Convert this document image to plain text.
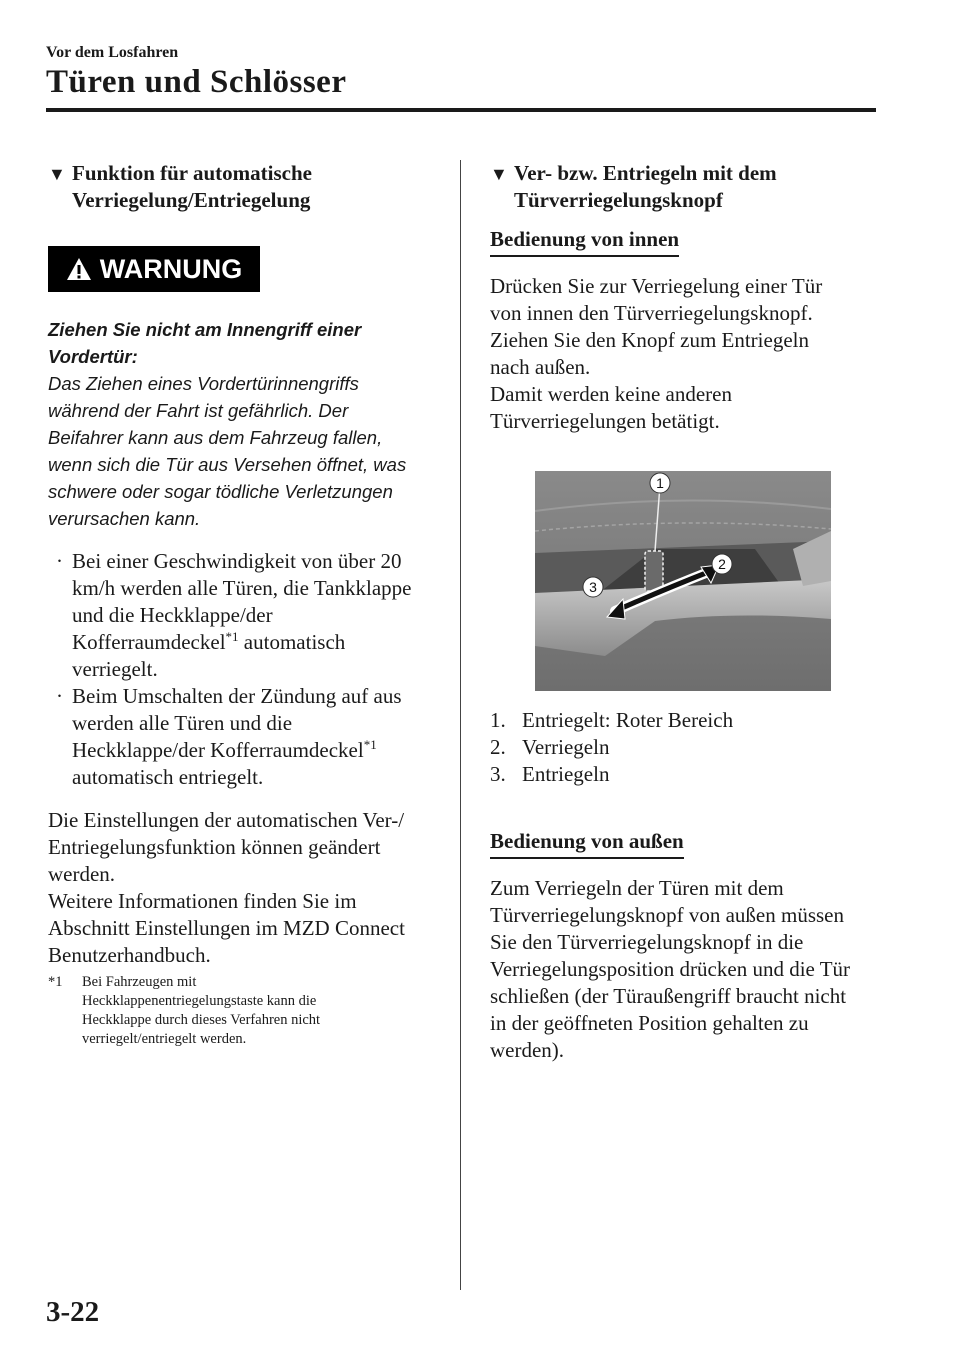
Vor dem Losfahren
Türen und Schlösser
▼ Funktion für automatische
Verriegelung/Entriegelung
WARNUNG
Ziehen Sie nicht am Innengriff einer
Vordertür:
Das Ziehen eines Vordertürinnengriffs
während der Fahrt ist gefährlich. Der
Beifahrer kann aus dem Fahrzeug fallen,
wenn sich die Tür aus Versehen öffnet, was
schwere oder sogar tödliche Verletzungen
verursachen kann.
· Bei einer Geschwindigkeit von über 20
km/h werden alle Türen, die Tankklappe
und die Heckklappe/der
Kofferraumdeckel$^{*1}$ automatisch
verriegelt.
· Beim Umschalten der Zündung auf aus
werden alle Türen und die
Heckklappe/der Kofferraumdeckel$^{*1}$
automatisch entriegelt.
Die Einstellungen der automatischen Ver-/
Entriegelungsfunktion können geändert
werden.
Weitere Informationen finden Sie im
Abschnitt Einstellungen im MZD Connect
Benutzerhandbuch.
*1 Bei Fahrzeugen mit
Heckklappenentriegelungstaste kann die
Heckklappe durch dieses Verfahren nicht
verriegelt/entriegelt werden.
▼ Ver- bzw. Entriegeln mit dem
Türverriegelungsknopf
Bedienung von innen
Drücken Sie zur Verriegelung einer Tür
von innen den Türverriegelungsknopf.
Ziehen Sie den Knopf zum Entriegeln
nach außen.
Damit werden keine anderen
Türverriegelungen betätigt.
1
2
3
1. Entriegelt: Roter Bereich
2. Verriegeln
3. Entriegeln
Bedienung von außen
Zum Verriegeln der Türen mit dem
Türverriegelungsknopf von außen müssen
Sie den Türverriegelungsknopf in die
Verriegelungsposition drücken und die Tür
schließen (der Türaußengriff braucht nicht
in der geöffneten Position gehalten zu
werden).
3-22
